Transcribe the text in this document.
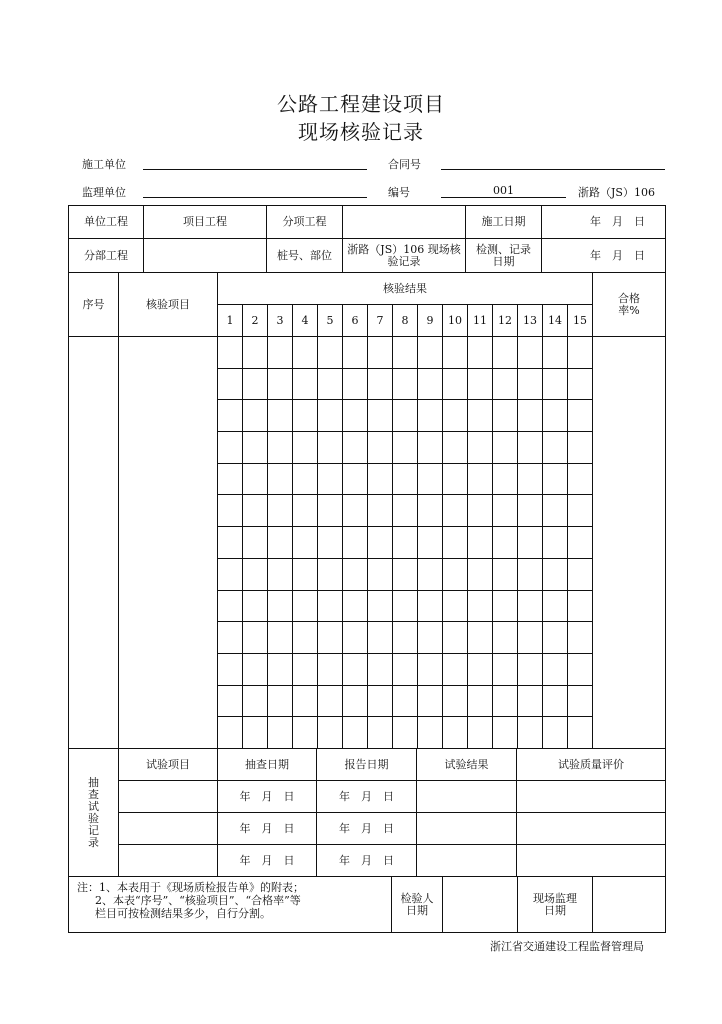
公路工程建设项目
现场核验记录
施工单位	合同号
监理单位	编号	001	浙路（JS）106
单位工程	项目工程	分项工程		施工日期	年　月　日
分部工程		桩号、部位	浙路（JS）106 现场核验记录	检测、记录日期	年　月　日
序号	核验项目	核验结果															合格率%
		1	2	3	4	5	6	7	8	9	10	11	12	13	14	15	

抽查试验记录	试验项目	抽查日期	报告日期	试验结果	试验质量评价
		年　月　日	年　月　日		
		年　月　日	年　月　日		
		年　月　日	年　月　日		
注：1、本表用于《现场质检报告单》的附表；
2、本表“序号”、“核验项目”、“合格率”等
栏目可按检测结果多少，自行分割。
	检验人日期		现场监理日期	
浙江省交通建设工程监督管理局
